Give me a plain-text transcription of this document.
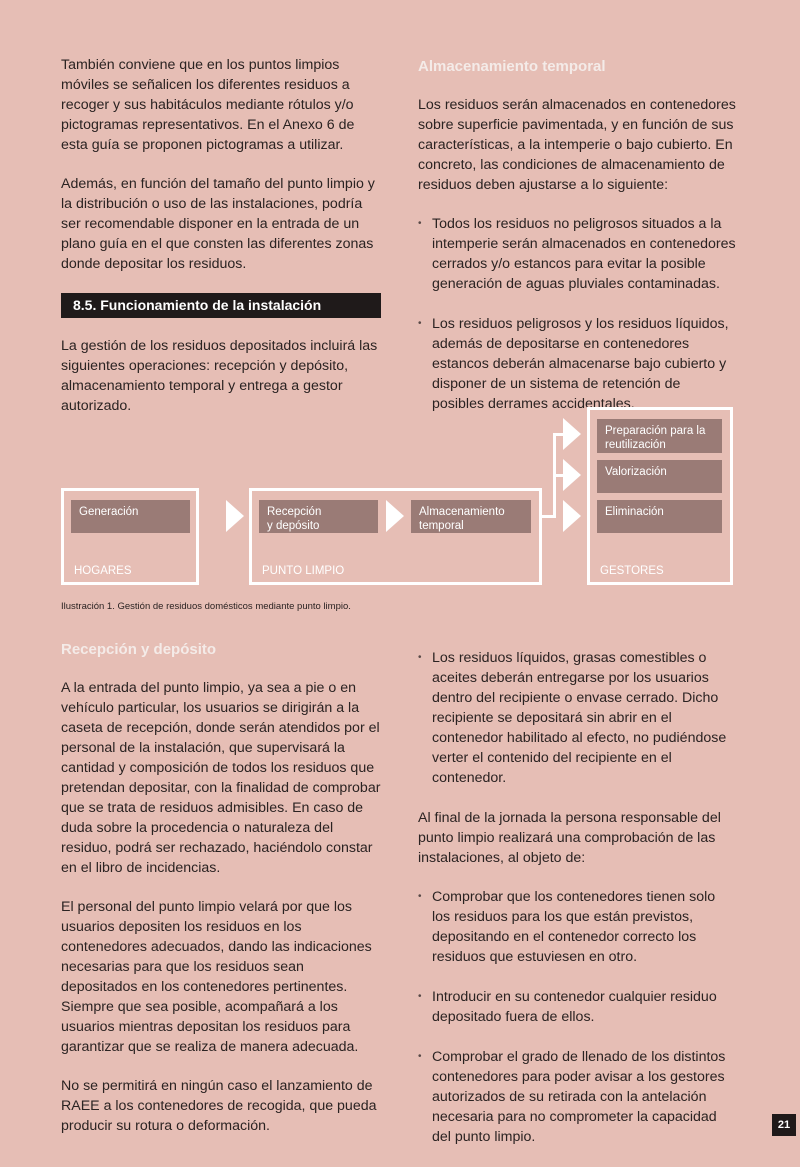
También conviene que en los puntos limpios móviles se señalicen los diferentes residuos a recoger y sus habitáculos mediante rótulos y/o pictogramas representativos. En el Anexo 6 de esta guía se proponen pictogramas a utilizar.

Además, en función del tamaño del punto limpio y la distribución o uso de las instalaciones, podría ser recomendable disponer en la entrada de un plano guía en el que consten las diferentes zonas donde depositar los residuos.

8.5. Funcionamiento de la instalación

La gestión de los residuos depositados incluirá las siguientes operaciones: recepción y depósito, almacenamiento temporal y entrega a gestor autorizado.

Almacenamiento temporal

Los residuos serán almacenados en contenedores sobre superficie pavimentada, y en función de sus características, a la intemperie o bajo cubierto. En concreto, las condiciones de almacenamiento de residuos deben ajustarse a lo siguiente:

• Todos los residuos no peligrosos situados a la intemperie serán almacenados en contenedores cerrados y/o estancos para evitar la posible generación de aguas pluviales contaminadas.
• Los residuos peligrosos y los residuos líquidos, además de depositarse en contenedores estancos deberán almacenarse bajo cubierto y disponer de un sistema de retención de posibles derrames accidentales.
HOGARES
Generación
PUNTO LIMPIO
Recepción
y depósito
Almacenamiento
temporal
GESTORES
Preparación para la
reutilización
Valorización
Eliminación
Ilustración 1. Gestión de residuos domésticos mediante punto limpio.
Recepción y depósito

A la entrada del punto limpio, ya sea a pie o en vehículo particular, los usuarios se dirigirán a la caseta de recepción, donde serán atendidos por el personal de la instalación, que supervisará la cantidad y composición de todos los residuos que pretendan depositar, con la finalidad de comprobar que se trata de residuos admisibles. En caso de duda sobre la procedencia o naturaleza del residuo, podrá ser rechazado, haciéndolo constar en el libro de incidencias.

El personal del punto limpio velará por que los usuarios depositen los residuos en los contenedores adecuados, dando las indicaciones necesarias para que los residuos sean depositados en los contenedores pertinentes. Siempre que sea posible, acompañará a los usuarios mientras depositan los residuos para garantizar que se realiza de manera adecuada.

No se permitirá en ningún caso el lanzamiento de RAEE a los contenedores de recogida, que pueda producir su rotura o deformación.

• Los residuos líquidos, grasas comestibles o aceites deberán entregarse por los usuarios dentro del recipiente o envase cerrado. Dicho recipiente se depositará sin abrir en el contenedor habilitado al efecto, no pudiéndose verter el contenido del recipiente en el contenedor.

Al final de la jornada la persona responsable del punto limpio realizará una comprobación de las instalaciones, al objeto de:

• Comprobar que los contenedores tienen solo los residuos para los que están previstos, depositando en el contenedor correcto los residuos que estuviesen en otro.
• Introducir en su contenedor cualquier residuo depositado fuera de ellos.
• Comprobar el grado de llenado de los distintos contenedores para poder avisar a los gestores autorizados de su retirada con la antelación necesaria para no comprometer la capacidad del punto limpio.
21
